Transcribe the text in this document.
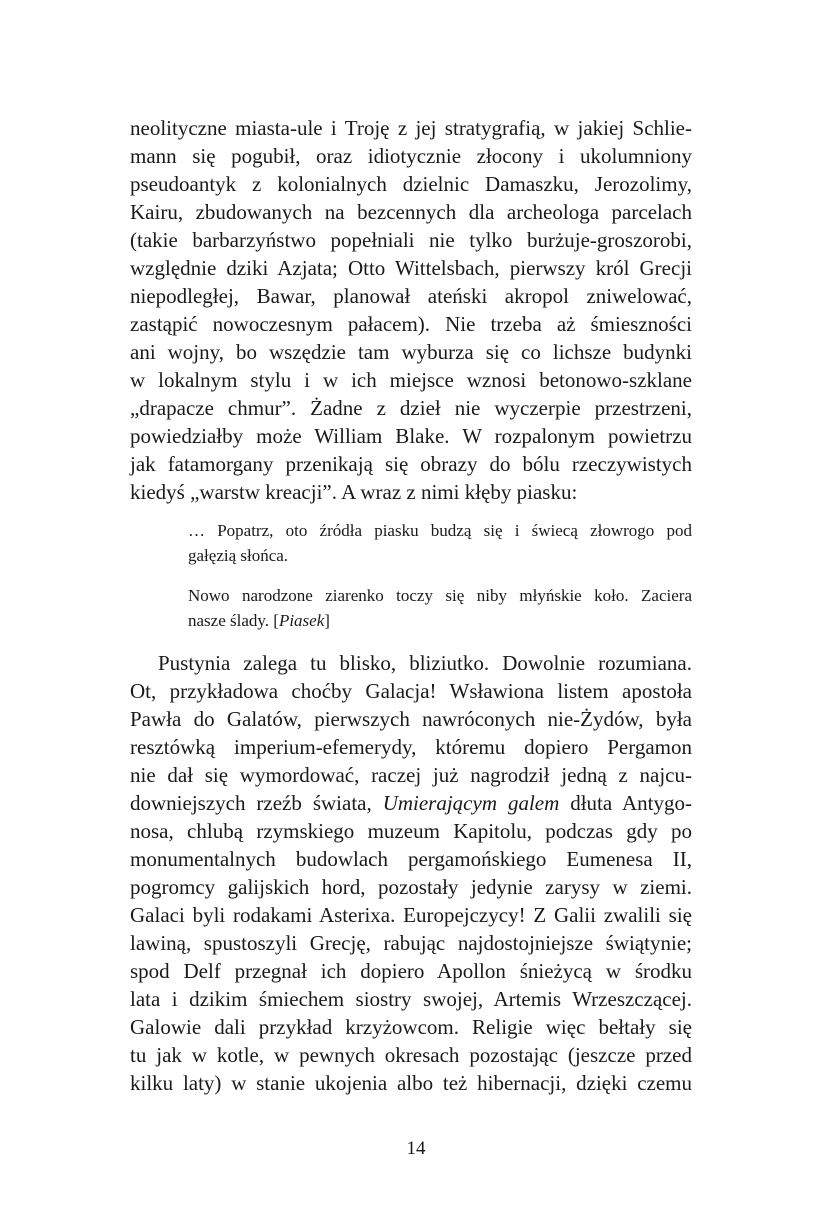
neolityczne miasta-ule i Troję z jej stratygrafią, w jakiej Schlie-
mann się pogubił, oraz idiotycznie złocony i ukolumniony
pseudoantyk z kolonialnych dzielnic Damaszku, Jerozolimy,
Kairu, zbudowanych na bezcennych dla archeologa parcelach
(takie barbarzyństwo popełniali nie tylko burżuje-groszorobi,
względnie dziki Azjata; Otto Wittelsbach, pierwszy król Grecji
niepodległej, Bawar, planował ateński akropol zniwelować,
zastąpić nowoczesnym pałacem). Nie trzeba aż śmieszności
ani wojny, bo wszędzie tam wyburza się co lichsze budynki
w lokalnym stylu i w ich miejsce wznosi betonowo-szklane
„drapacze chmur”. Żadne z dzieł nie wyczerpie przestrzeni,
powiedziałby może William Blake. W rozpalonym powietrzu
jak fatamorgany przenikają się obrazy do bólu rzeczywistych
kiedyś „warstw kreacji”. A wraz z nimi kłęby piasku:
… Popatrz, oto źródła piasku budzą się i świecą złowrogo pod
gałęzią słońca.
Nowo narodzone ziarenko toczy się niby młyńskie koło. Zaciera
nasze ślady. [Piasek]
Pustynia zalega tu blisko, bliziutko. Dowolnie rozumiana.
Ot, przykładowa choćby Galacja! Wsławiona listem apostoła
Pawła do Galatów, pierwszych nawróconych nie-Żydów, była
resztówką imperium-efemerydy, któremu dopiero Pergamon
nie dał się wymordować, raczej już nagrodził jedną z najcu-
downiejszych rzeźb świata, Umierającym galem dłuta Antygo-
nosa, chlubą rzymskiego muzeum Kapitolu, podczas gdy po
monumentalnych budowlach pergamońskiego Eumenesa II,
pogromcy galijskich hord, pozostały jedynie zarysy w ziemi.
Galaci byli rodakami Asterixa. Europejczycy! Z Galii zwalili się
lawiną, spustoszyli Grecję, rabując najdostojniejsze świątynie;
spod Delf przegnał ich dopiero Apollon śnieżycą w środku
lata i dzikim śmiechem siostry swojej, Artemis Wrzeszczącej.
Galowie dali przykład krzyżowcom. Religie więc bełtały się
tu jak w kotle, w pewnych okresach pozostając (jeszcze przed
kilku laty) w stanie ukojenia albo też hibernacji, dzięki czemu
14
